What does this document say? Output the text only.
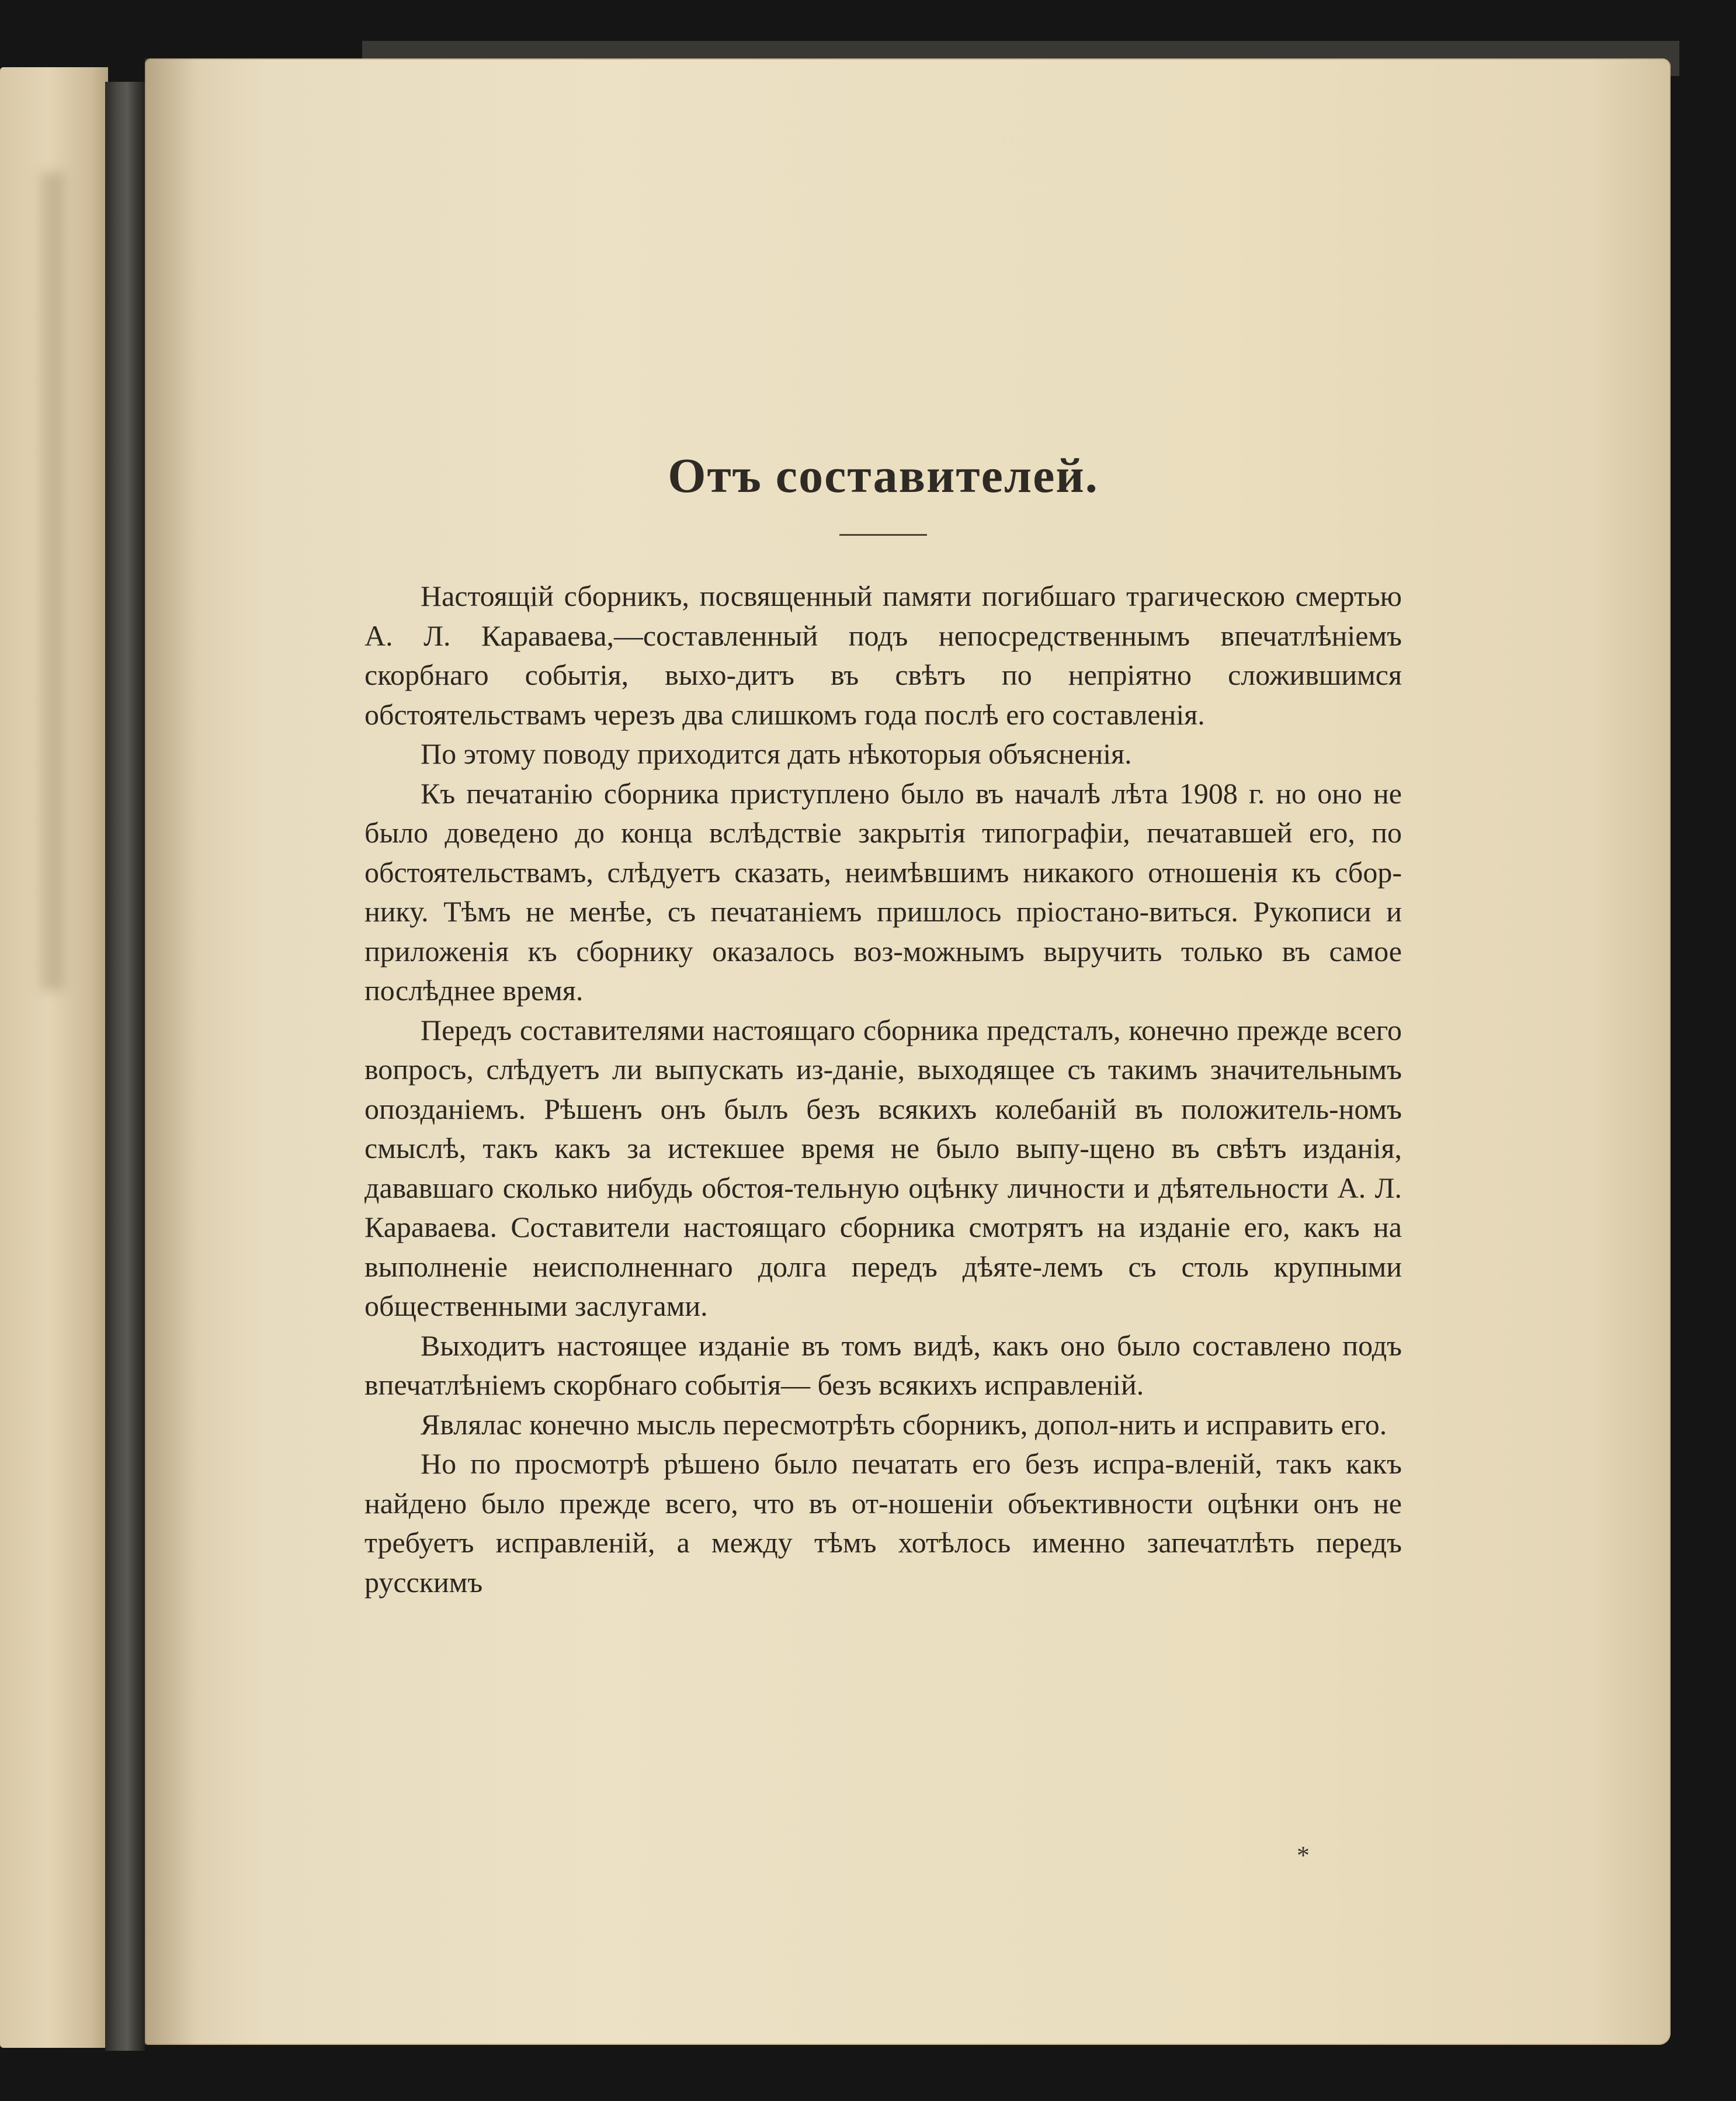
Отъ составителей.

Настоящiй сборникъ, посвященный памяти погибшаго трагическою смертью А. Л. Караваева,—составленный подъ непосредственнымъ впечатлѣнiемъ скорбнаго событiя, выхо-дитъ въ свѣтъ по непрiятно сложившимся обстоятельствамъ черезъ два слишкомъ года послѣ его составленiя.

По этому поводу приходится дать нѣкоторыя объясненiя.

Къ печатанiю сборника приступлено было въ началѣ лѣта 1908 г. но оно не было доведено до конца вслѣдствiе закрытiя типографiи, печатавшей его, по обстоятельствамъ, слѣдуетъ сказать, неимѣвшимъ никакого отношенiя къ сбор-нику. Тѣмъ не менѣе, съ печатанiемъ пришлось прiостано-виться. Рукописи и приложенiя къ сборнику оказалось воз-можнымъ выручить только въ самое послѣднее время.

Передъ составителями настоящаго сборника предсталъ, конечно прежде всего вопросъ, слѣдуетъ ли выпускать из-данiе, выходящее съ такимъ значительнымъ опозданiемъ. Рѣшенъ онъ былъ безъ всякихъ колебанiй въ положитель-номъ смыслѣ, такъ какъ за истекшее время не было выпу-щено въ свѣтъ изданiя, дававшаго сколько нибудь обстоя-тельную оцѣнку личности и дѣятельности А. Л. Караваева. Составители настоящаго сборника смотрятъ на изданiе его, какъ на выполненiе неисполненнаго долга передъ дѣяте-лемъ съ столь крупными общественными заслугами.

Выходитъ настоящее изданiе въ томъ видѣ, какъ оно было составлено подъ впечатлѣнiемъ скорбнаго событiя— безъ всякихъ исправленiй.

Являлас конечно мысль пересмотрѣть сборникъ, допол-нить и исправить его.

Но по просмотрѣ рѣшено было печатать его безъ испра-вленiй, такъ какъ найдено было прежде всего, что въ от-ношенiи объективности оцѣнки онъ не требуетъ исправленiй, а между тѣмъ хотѣлось именно запечатлѣть передъ русскимъ

*
